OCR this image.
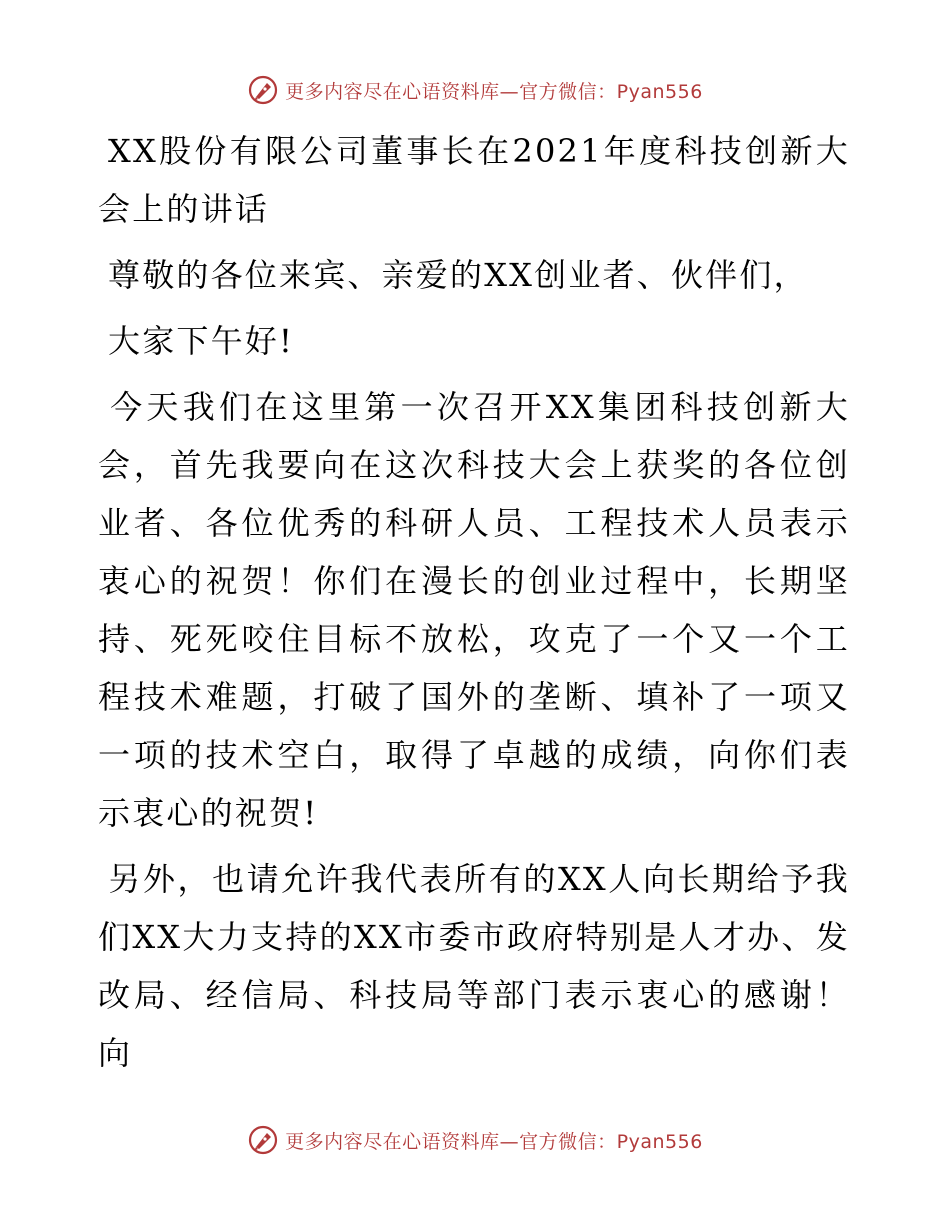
更多内容尽在心语资料库—官方微信：Pyan556

XX股份有限公司董事长在2021年度科技创新大会上的讲话

尊敬的各位来宾、亲爱的XX创业者、伙伴们，

大家下午好!

今天我们在这里第一次召开XX集团科技创新大会，首先我要向在这次科技大会上获奖的各位创业者、各位优秀的科研人员、工程技术人员表示衷心的祝贺！你们在漫长的创业过程中，长期坚持、死死咬住目标不放松，攻克了一个又一个工程技术难题，打破了国外的垄断、填补了一项又一项的技术空白，取得了卓越的成绩，向你们表示衷心的祝贺!

另外，也请允许我代表所有的XX人向长期给予我们XX大力支持的XX市委市政府特别是人才办、发改局、经信局、科技局等部门表示衷心的感谢！向

更多内容尽在心语资料库—官方微信：Pyan556
